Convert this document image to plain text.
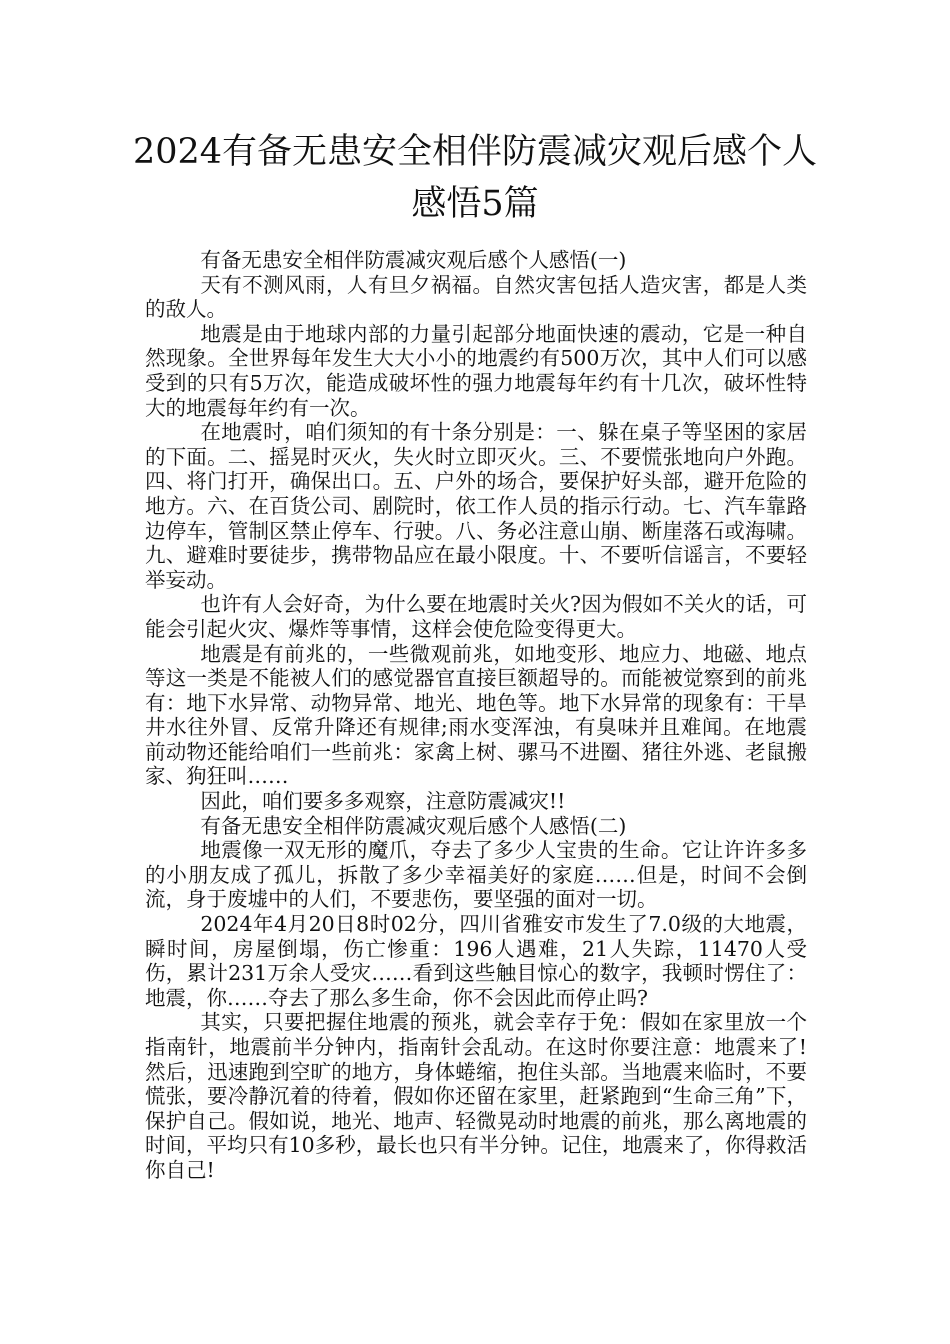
2024有备无患安全相伴防震减灾观后感个人感悟5篇

有备无患安全相伴防震减灾观后感个人感悟(一)

天有不测风雨，人有旦夕祸福。自然灾害包括人造灾害，都是人类的敌人。

地震是由于地球内部的力量引起部分地面快速的震动，它是一种自然现象。全世界每年发生大大小小的地震约有500万次，其中人们可以感受到的只有5万次，能造成破坏性的强力地震每年约有十几次，破坏性特大的地震每年约有一次。

在地震时，咱们须知的有十条分别是：一、躲在桌子等坚困的家居的下面。二、摇晃时灭火，失火时立即灭火。三、不要慌张地向户外跑。四、将门打开，确保出口。五、户外的场合，要保护好头部，避开危险的地方。六、在百货公司、剧院时，依工作人员的指示行动。七、汽车靠路边停车，管制区禁止停车、行驶。八、务必注意山崩、断崖落石或海啸。九、避难时要徒步，携带物品应在最小限度。十、不要听信谣言，不要轻举妄动。

也许有人会好奇，为什么要在地震时关火?因为假如不关火的话，可能会引起火灾、爆炸等事情，这样会使危险变得更大。

地震是有前兆的，一些微观前兆，如地变形、地应力、地磁、地点等这一类是不能被人们的感觉器官直接巨额超导的。而能被觉察到的前兆有：地下水异常、动物异常、地光、地色等。地下水异常的现象有：干旱井水往外冒、反常升降还有规律;雨水变浑浊，有臭味并且难闻。在地震前动物还能给咱们一些前兆：家禽上树、骡马不进圈、猪往外逃、老鼠搬家、狗狂叫……

因此，咱们要多多观察，注意防震减灾!!

有备无患安全相伴防震减灾观后感个人感悟(二)

地震像一双无形的魔爪，夺去了多少人宝贵的生命。它让许许多多的小朋友成了孤儿，拆散了多少幸福美好的家庭……但是，时间不会倒流，身于废墟中的人们，不要悲伤，要坚强的面对一切。

2024年4月20日8时02分，四川省雅安市发生了7.0级的大地震，瞬时间，房屋倒塌，伤亡惨重：196人遇难，21人失踪，11470人受伤，累计231万余人受灾……看到这些触目惊心的数字，我顿时愣住了：地震，你……夺去了那么多生命，你不会因此而停止吗?

其实，只要把握住地震的预兆，就会幸存于免：假如在家里放一个指南针，地震前半分钟内，指南针会乱动。在这时你要注意：地震来了!然后，迅速跑到空旷的地方，身体蜷缩，抱住头部。当地震来临时，不要慌张，要冷静沉着的待着，假如你还留在家里，赶紧跑到“生命三角”下，保护自己。假如说，地光、地声、轻微晃动时地震的前兆，那么离地震的时间，平均只有10多秒，最长也只有半分钟。记住，地震来了，你得救活你自己!
